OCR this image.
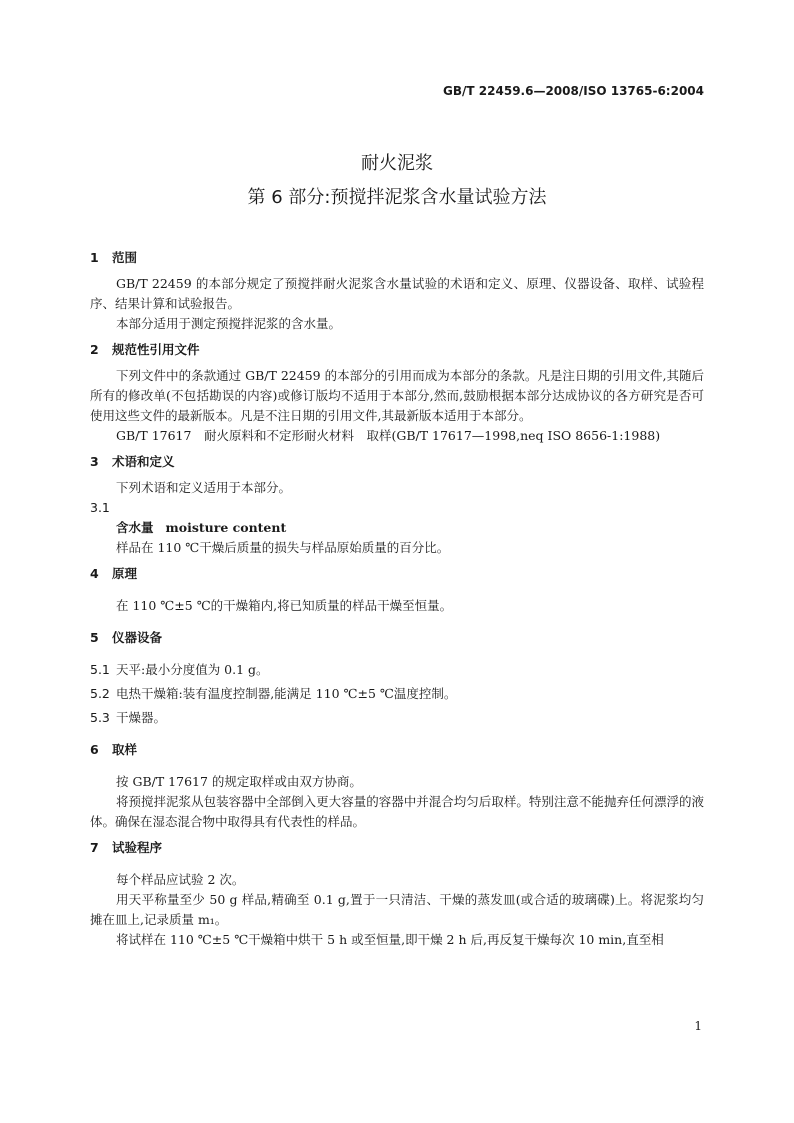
GB/T 22459.6—2008/ISO 13765-6:2004
耐火泥浆
第 6 部分:预搅拌泥浆含水量试验方法
1 范围

GB/T 22459 的本部分规定了预搅拌耐火泥浆含水量试验的术语和定义、原理、仪器设备、取样、试验程序、结果计算和试验报告。

本部分适用于测定预搅拌泥浆的含水量。

2 规范性引用文件

下列文件中的条款通过 GB/T 22459 的本部分的引用而成为本部分的条款。凡是注日期的引用文件,其随后所有的修改单(不包括勘误的内容)或修订版均不适用于本部分,然而,鼓励根据本部分达成协议的各方研究是否可使用这些文件的最新版本。凡是不注日期的引用文件,其最新版本适用于本部分。

GB/T 17617　耐火原料和不定形耐火材料　取样(GB/T 17617—1998,neq ISO 8656-1:1988)

3 术语和定义

下列术语和定义适用于本部分。

3.1

含水量 moisture content

样品在 110 ℃干燥后质量的损失与样品原始质量的百分比。

4 原理

在 110 ℃±5 ℃的干燥箱内,将已知质量的样品干燥至恒量。

5 仪器设备

5.1 天平:最小分度值为 0.1 g。

5.2 电热干燥箱:装有温度控制器,能满足 110 ℃±5 ℃温度控制。

5.3 干燥器。

6 取样

按 GB/T 17617 的规定取样或由双方协商。

将预搅拌泥浆从包装容器中全部倒入更大容量的容器中并混合均匀后取样。特别注意不能抛弃任何漂浮的液体。确保在湿态混合物中取得具有代表性的样品。

7 试验程序

每个样品应试验 2 次。

用天平称量至少 50 g 样品,精确至 0.1 g,置于一只清洁、干燥的蒸发皿(或合适的玻璃碟)上。将泥浆均匀摊在皿上,记录质量 m₁。

将试样在 110 ℃±5 ℃干燥箱中烘干 5 h 或至恒量,即干燥 2 h 后,再反复干燥每次 10 min,直至相

1
